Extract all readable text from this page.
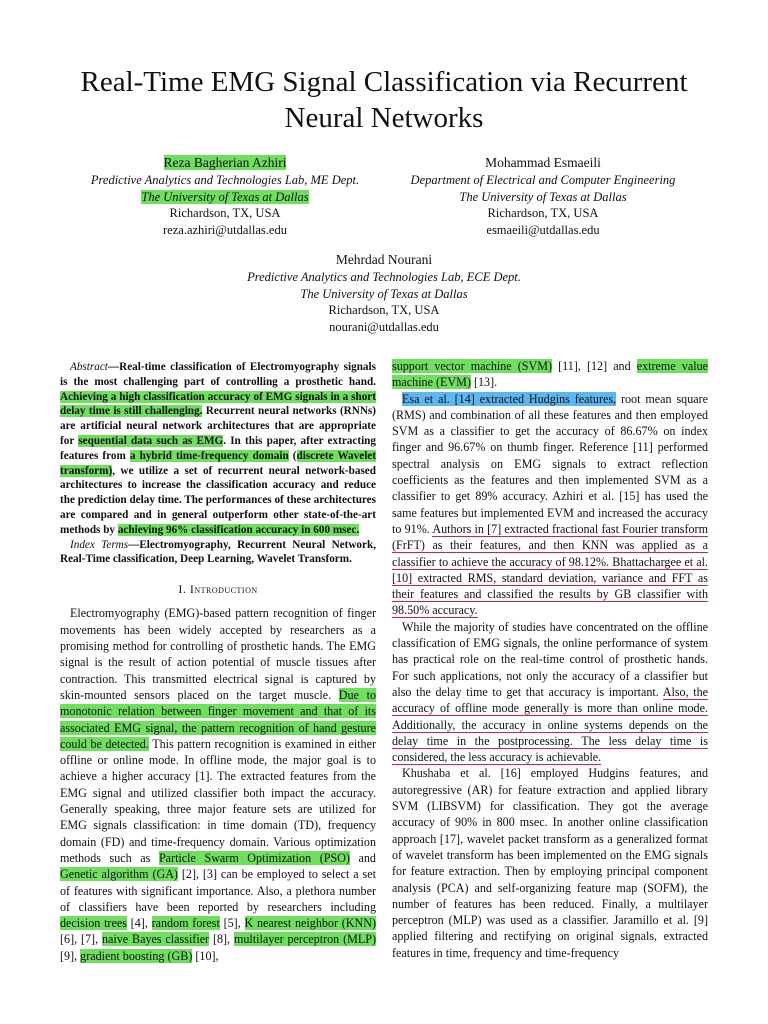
Real-Time EMG Signal Classification via Recurrent Neural Networks
Reza Bagherian Azhiri
Predictive Analytics and Technologies Lab, ME Dept.
The University of Texas at Dallas
Richardson, TX, USA
reza.azhiri@utdallas.edu
Mohammad Esmaeili
Department of Electrical and Computer Engineering
The University of Texas at Dallas
Richardson, TX, USA
esmaeili@utdallas.edu
Mehrdad Nourani
Predictive Analytics and Technologies Lab, ECE Dept.
The University of Texas at Dallas
Richardson, TX, USA
nourani@utdallas.edu

Abstract—Real-time classification of Electromyography signals is the most challenging part of controlling a prosthetic hand. Achieving a high classification accuracy of EMG signals in a short delay time is still challenging. Recurrent neural networks (RNNs) are artificial neural network architectures that are appropriate for sequential data such as EMG. In this paper, after extracting features from a hybrid time-frequency domain (discrete Wavelet transform), we utilize a set of recurrent neural network-based architectures to increase the classification accuracy and reduce the prediction delay time. The performances of these architectures are compared and in general outperform other state-of-the-art methods by achieving 96% classification accuracy in 600 msec.

Index Terms—Electromyography, Recurrent Neural Network, Real-Time classification, Deep Learning, Wavelet Transform.

I. Introduction

Electromyography (EMG)-based pattern recognition of finger movements has been widely accepted by researchers as a promising method for controlling of prosthetic hands. The EMG signal is the result of action potential of muscle tissues after contraction. This transmitted electrical signal is captured by skin-mounted sensors placed on the target muscle. Due to monotonic relation between finger movement and that of its associated EMG signal, the pattern recognition of hand gesture could be detected. This pattern recognition is examined in either offline or online mode. In offline mode, the major goal is to achieve a higher accuracy [1]. The extracted features from the EMG signal and utilized classifier both impact the accuracy. Generally speaking, three major feature sets are utilized for EMG signals classification: in time domain (TD), frequency domain (FD) and time-frequency domain. Various optimization methods such as Particle Swarm Optimization (PSO) and Genetic algorithm (GA) [2], [3] can be employed to select a set of features with significant importance. Also, a plethora number of classifiers have been reported by researchers including decision trees [4], random forest [5], K nearest neighbor (KNN) [6], [7], naive Bayes classifier [8], multilayer perceptron (MLP) [9], gradient boosting (GB) [10],

support vector machine (SVM) [11], [12] and extreme value machine (EVM) [13].

Esa et al. [14] extracted Hudgins features, root mean square (RMS) and combination of all these features and then employed SVM as a classifier to get the accuracy of 86.67% on index finger and 96.67% on thumb finger. Reference [11] performed spectral analysis on EMG signals to extract reflection coefficients as the features and then implemented SVM as a classifier to get 89% accuracy. Azhiri et al. [15] has used the same features but implemented EVM and increased the accuracy to 91%. Authors in [7] extracted fractional fast Fourier transform (FrFT) as their features, and then KNN was applied as a classifier to achieve the accuracy of 98.12%. Bhattachargee et al. [10] extracted RMS, standard deviation, variance and FFT as their features and classified the results by GB classifier with 98.50% accuracy.

While the majority of studies have concentrated on the offline classification of EMG signals, the online performance of system has practical role on the real-time control of prosthetic hands. For such applications, not only the accuracy of a classifier but also the delay time to get that accuracy is important. Also, the accuracy of offline mode generally is more than online mode. Additionally, the accuracy in online systems depends on the delay time in the postprocessing. The less delay time is considered, the less accuracy is achievable.

Khushaba et al. [16] employed Hudgins features, and autoregressive (AR) for feature extraction and applied library SVM (LIBSVM) for classification. They got the average accuracy of 90% in 800 msec. In another online classification approach [17], wavelet packet transform as a generalized format of wavelet transform has been implemented on the EMG signals for feature extraction. Then by employing principal component analysis (PCA) and self-organizing feature map (SOFM), the number of features has been reduced. Finally, a multilayer perceptron (MLP) was used as a classifier. Jaramillo et al. [9] applied filtering and rectifying on original signals, extracted features in time, frequency and time-frequency
